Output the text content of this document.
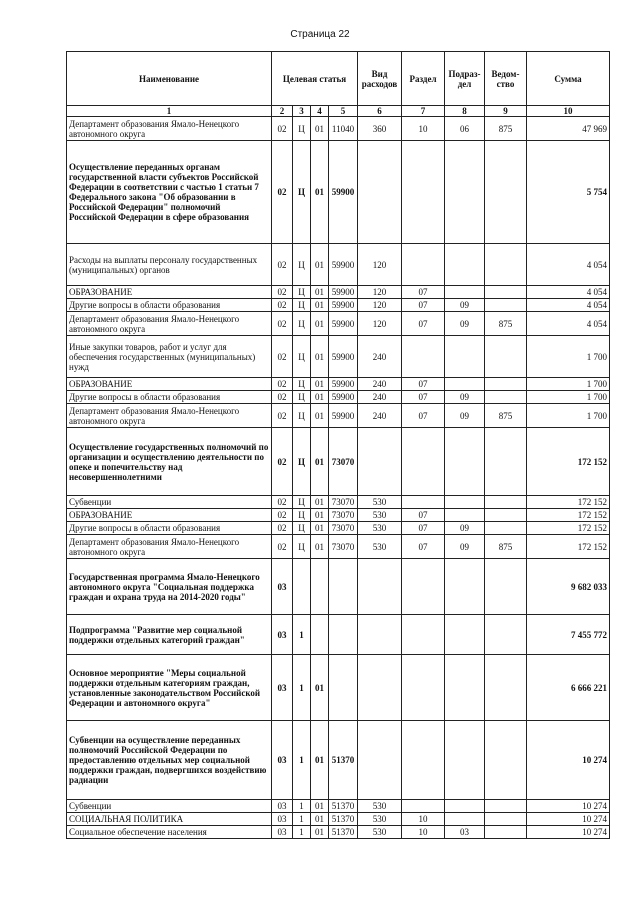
Страница 22
Наименование	Целевая статья				Вид расходов	Раздел	Подраз-дел	Ведом-ство	Сумма
1	2	3	4	5	6	7	8	9	10
Департамент образования Ямало-Ненецкого автономного округа	02	Ц	01	11040	360	10	06	875	47 969
Осуществление переданных органам государственной власти субъектов Российской Федерации в соответствии с частью 1 статьи 7 Федерального закона "Об образовании в Российской Федерации" полномочий Российской Федерации в сфере образования	02	Ц	01	59900					5 754
Расходы на выплаты персоналу государственных (муниципальных) органов	02	Ц	01	59900	120				4 054
ОБРАЗОВАНИЕ	02	Ц	01	59900	120	07			4 054
Другие вопросы в области образования	02	Ц	01	59900	120	07	09		4 054
Департамент образования Ямало-Ненецкого автономного округа	02	Ц	01	59900	120	07	09	875	4 054
Иные закупки товаров, работ и услуг для обеспечения государственных (муниципальных) нужд	02	Ц	01	59900	240				1 700
ОБРАЗОВАНИЕ	02	Ц	01	59900	240	07			1 700
Другие вопросы в области образования	02	Ц	01	59900	240	07	09		1 700
Департамент образования Ямало-Ненецкого автономного округа	02	Ц	01	59900	240	07	09	875	1 700
Осуществление государственных полномочий по организации и осуществлению деятельности по опеке и попечительству над несовершеннолетними	02	Ц	01	73070					172 152
Субвенции	02	Ц	01	73070	530				172 152
ОБРАЗОВАНИЕ	02	Ц	01	73070	530	07			172 152
Другие вопросы в области образования	02	Ц	01	73070	530	07	09		172 152
Департамент образования Ямало-Ненецкого автономного округа	02	Ц	01	73070	530	07	09	875	172 152
Государственная программа Ямало-Ненецкого автономного округа "Социальная поддержка граждан и охрана труда на 2014-2020 годы"	03								9 682 033
Подпрограмма "Развитие мер социальной поддержки отдельных категорий граждан"	03	1							7 455 772
Основное мероприятие "Меры социальной поддержки отдельным категориям граждан, установленные законодательством Российской Федерации и автономного округа"	03	1	01						6 666 221
Субвенции на осуществление переданных полномочий Российской Федерации по предоставлению отдельных мер социальной поддержки граждан, подвергшихся воздействию радиации	03	1	01	51370					10 274
Субвенции	03	1	01	51370	530				10 274
СОЦИАЛЬНАЯ ПОЛИТИКА	03	1	01	51370	530	10			10 274
Социальное обеспечение населения	03	1	01	51370	530	10	03		10 274
